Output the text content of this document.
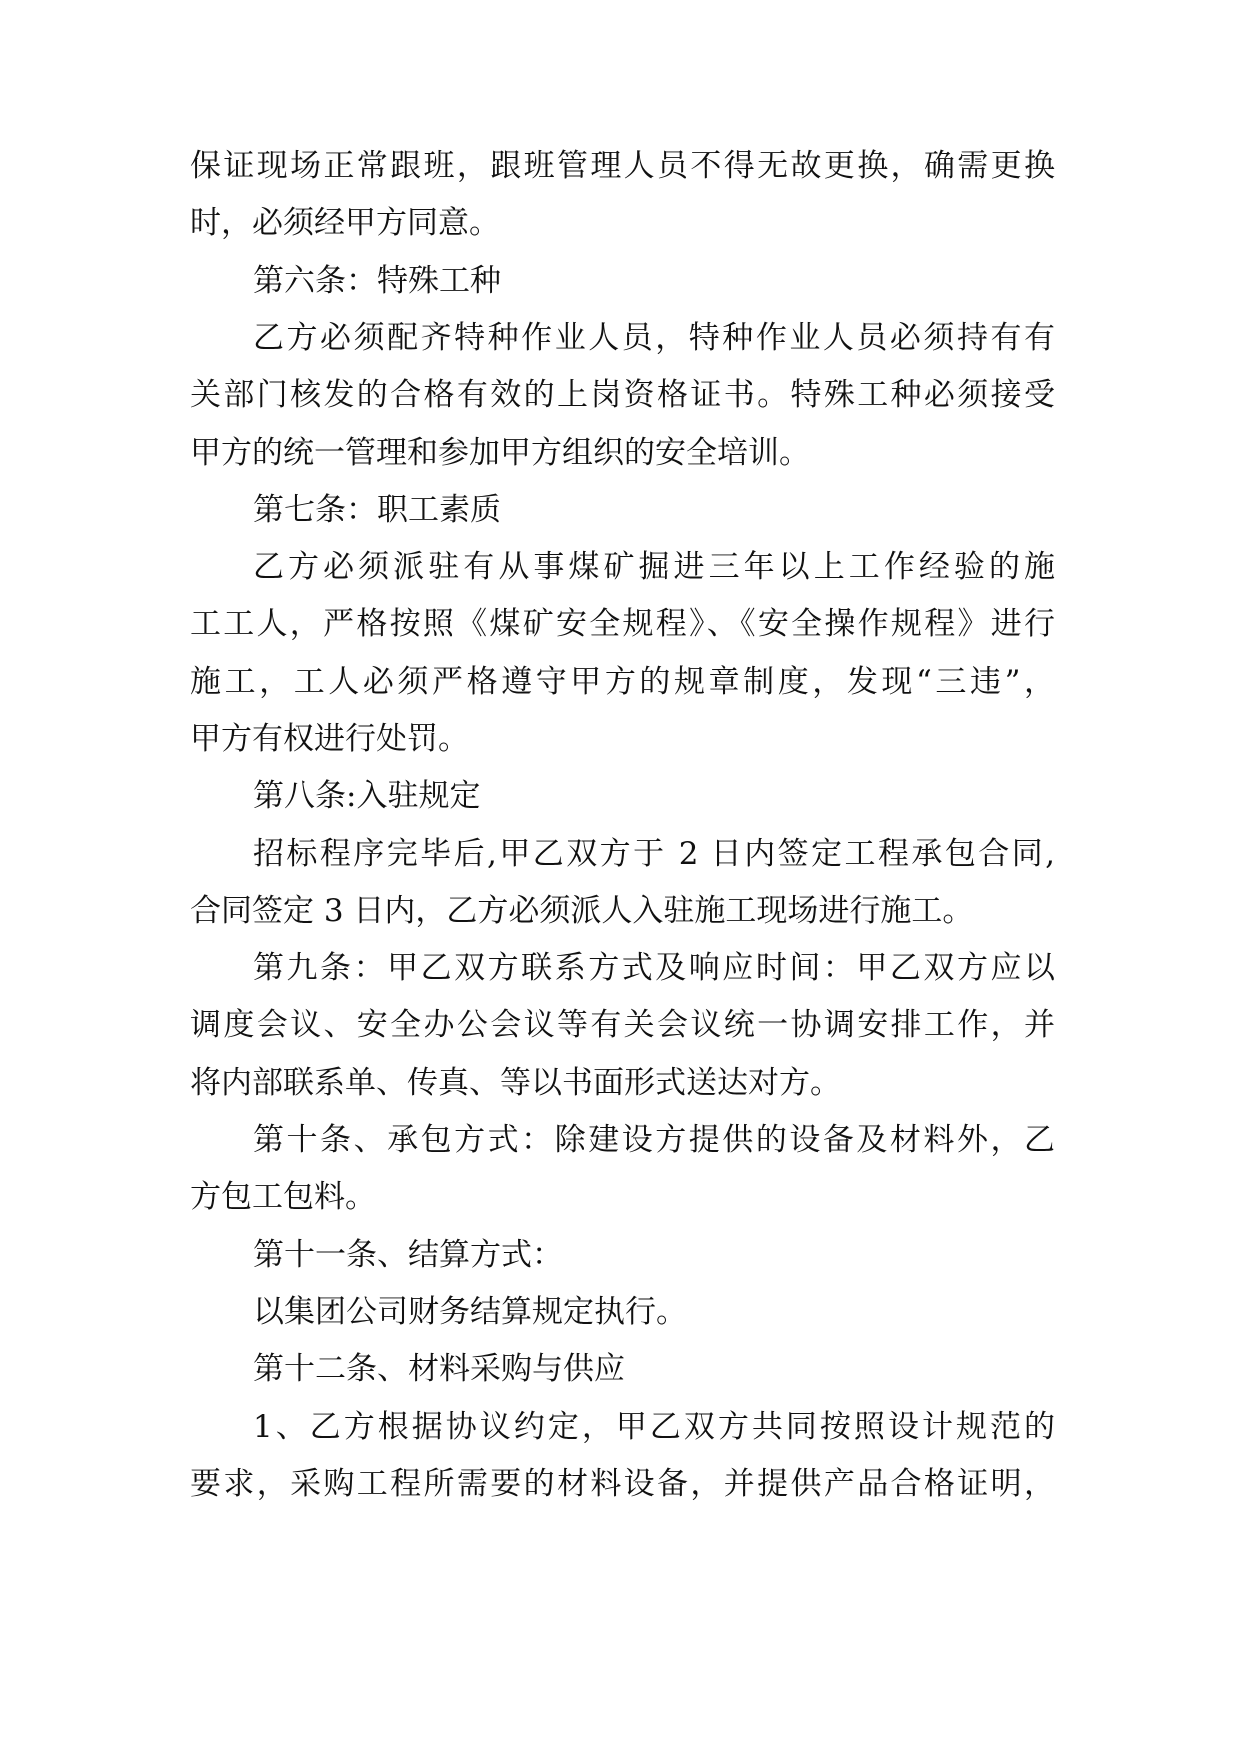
保证现场正常跟班，跟班管理人员不得无故更换，确需更换
时，必须经甲方同意。
第六条：特殊工种
乙方必须配齐特种作业人员，特种作业人员必须持有有
关部门核发的合格有效的上岗资格证书。特殊工种必须接受
甲方的统一管理和参加甲方组织的安全培训。
第七条：职工素质
乙方必须派驻有从事煤矿掘进三年以上工作经验的施
工工人，严格按照《煤矿安全规程》、《安全操作规程》进行
施工，工人必须严格遵守甲方的规章制度，发现“三违”，
甲方有权进行处罚。
第八条:入驻规定
招标程序完毕后,甲乙双方于 2 日内签定工程承包合同,
合同签定 3 日内，乙方必须派人入驻施工现场进行施工。
第九条：甲乙双方联系方式及响应时间：甲乙双方应以
调度会议、安全办公会议等有关会议统一协调安排工作，并
将内部联系单、传真、等以书面形式送达对方。
第十条、承包方式：除建设方提供的设备及材料外，乙
方包工包料。
第十一条、结算方式：
以集团公司财务结算规定执行。
第十二条、材料采购与供应
1、乙方根据协议约定，甲乙双方共同按照设计规范的
要求，采购工程所需要的材料设备，并提供产品合格证明，
